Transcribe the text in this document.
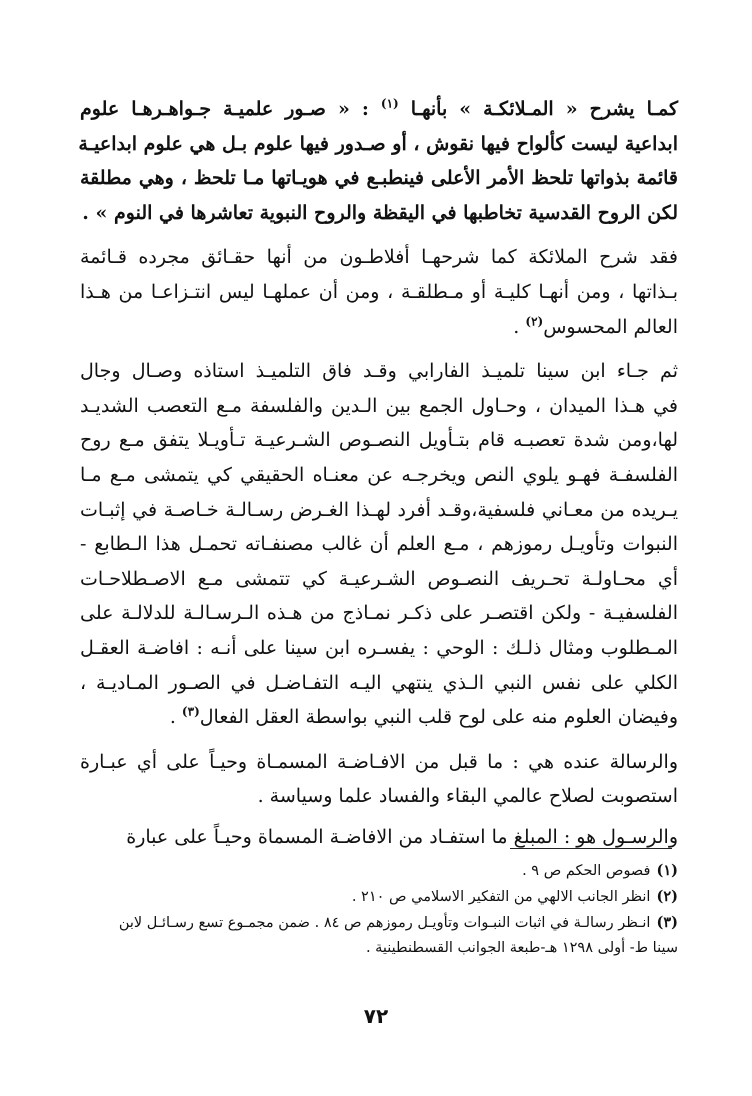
كمـا يشرح « المـلائكـة » بأنهـا $^{(١)}$ : « صـور علميـة جـواهـرهـا علوم
ابداعية ليست كألواح فيها نقوش ، أو صـدور فيها علوم بـل هي علوم ابداعيـة
قائمة بذواتها تلحظ الأمر الأعلى فينطبـع في هويـاتها مـا تلحظ ، وهي مطلقة
لكن الروح القدسية تخاطبها في اليقظة والروح النبوية تعاشرها في النوم » .

فقد شرح الملائكة كما شرحهـا أفلاطـون من أنها حقـائق مجرده قـائمة
بـذاتها ، ومن أنهـا كليـة أو مـطلقـة ، ومن أن عملهـا ليس انتـزاعـا من هـذا
العالم المحسوس$^{(٢)}$ .

ثم جـاء ابن سينا تلميـذ الفارابي وقـد فاق التلميـذ استاذه وصـال وجال
في هـذا الميدان ، وحـاول الجمع بين الـدين والفلسفة مـع التعصب الشديـد
لها،ومن شدة تعصبـه قام بتـأويل النصـوص الشـرعيـة تـأويـلا يتفق مـع روح
الفلسفـة فهـو يلوي النص ويخرجـه عن معنـاه الحقيقي كي يتمشى مـع مـا
يـريده من معـاني فلسفية،وقـد أفرد لهـذا الغـرض رسـالـة خـاصـة في إثبـات
النبوات وتأويـل رموزهم ، مـع العلم أن غالب مصنفـاته تحمـل هذا الـطابع -
أي محـاولـة تحـريف النصـوص الشـرعيـة كي تتمشى مـع الاصـطلاحـات
الفلسفيـة - ولكن اقتصـر على ذكـر نمـاذج من هـذه الـرسـالـة للدلالـة على
المـطلوب ومثال ذلـك : الوحي : يفسـره ابن سينا على أنـه : افاضـة العقـل
الكلي على نفس النبي الـذي ينتهي اليـه التفـاضـل في الصـور المـاديـة ،
وفيضان العلوم منه على لوح قلب النبي بواسطة العقل الفعال$^{(٣)}$ .

والرسالة عنده هي : ما قبل من الافـاضـة المسمـاة وحيـاً على أي عبـارة
استصوبت لصلاح عالمي البقاء والفساد علما وسياسة .

والرسـول هو : المبلغ ما استفـاد من الافاضـة المسماة وحيـاً على عبارة

(١)فصوص الحكم ص ٩ .
(٢)انظر الجانب الالهي من التفكير الاسلامي ص ٢١٠ .
(٣)انـظر رسالـة في اثبات النبـوات وتأويـل رموزهم ص ٨٤ . ضمن مجمـوع تسع رسـائـل لابن
سينا ط- أولى ١٢٩٨ هـ-طبعة الجوانب القسطنطينية .
٧٢
